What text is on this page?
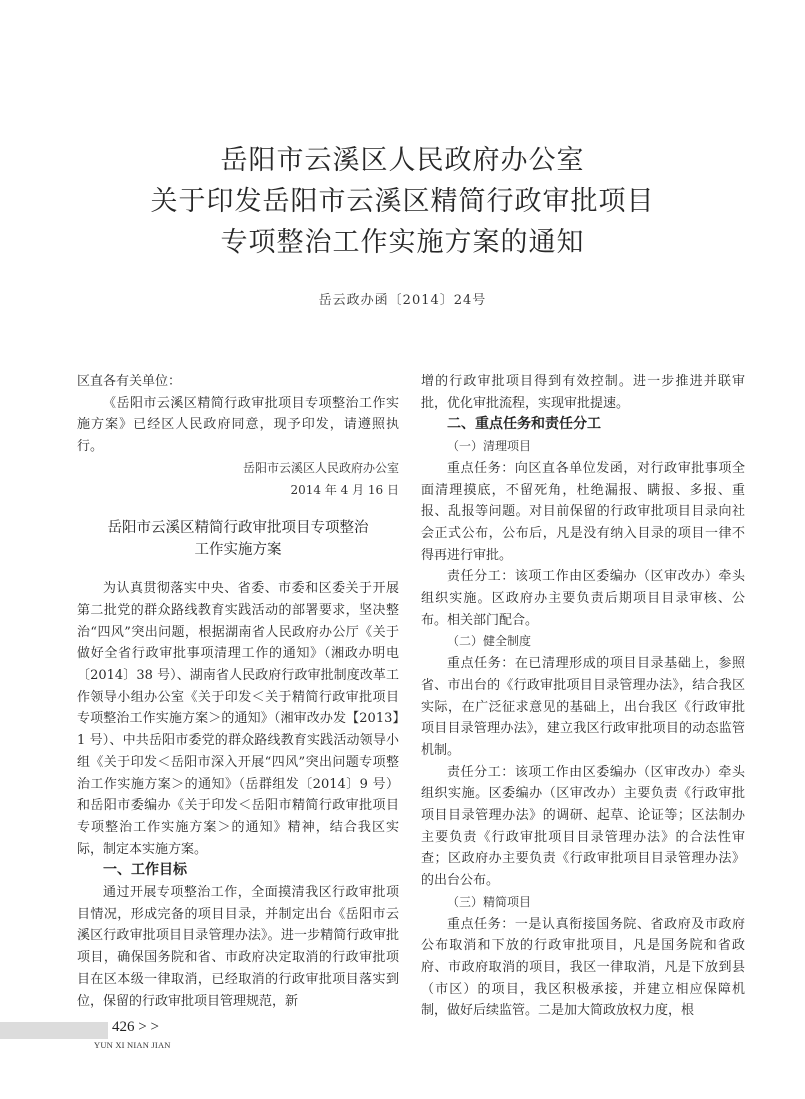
岳阳市云溪区人民政府办公室
关于印发岳阳市云溪区精简行政审批项目
专项整治工作实施方案的通知
岳云政办函〔2014〕24号

区直各有关单位：

《岳阳市云溪区精简行政审批项目专项整治工作实施方案》已经区人民政府同意，现予印发，请遵照执行。

岳阳市云溪区人民政府办公室

2014 年 4 月 16 日

岳阳市云溪区精简行政审批项目专项整治
工作实施方案

为认真贯彻落实中央、省委、市委和区委关于开展第二批党的群众路线教育实践活动的部署要求，坚决整治“四风”突出问题，根据湖南省人民政府办公厅《关于做好全省行政审批事项清理工作的通知》（湘政办明电〔2014〕38 号）、湖南省人民政府行政审批制度改革工作领导小组办公室《关于印发＜关于精简行政审批项目专项整治工作实施方案＞的通知》（湘审改办发【2013】1 号）、中共岳阳市委党的群众路线教育实践活动领导小组《关于印发＜岳阳市深入开展“四风”突出问题专项整治工作实施方案＞的通知》（岳群组发〔2014〕9 号）和岳阳市委编办《关于印发＜岳阳市精简行政审批项目专项整治工作实施方案＞的通知》精神，结合我区实际，制定本实施方案。

一、工作目标

通过开展专项整治工作，全面摸清我区行政审批项目情况，形成完备的项目目录，并制定出台《岳阳市云溪区行政审批项目目录管理办法》。进一步精简行政审批项目，确保国务院和省、市政府决定取消的行政审批项目在区本级一律取消，已经取消的行政审批项目落实到位，保留的行政审批项目管理规范，新

增的行政审批项目得到有效控制。进一步推进并联审批，优化审批流程，实现审批提速。

二、重点任务和责任分工

（一）清理项目

重点任务：向区直各单位发函，对行政审批事项全面清理摸底，不留死角，杜绝漏报、瞒报、多报、重报、乱报等问题。对目前保留的行政审批项目目录向社会正式公布，公布后，凡是没有纳入目录的项目一律不得再进行审批。

责任分工：该项工作由区委编办（区审改办）牵头组织实施。区政府办主要负责后期项目目录审核、公布。相关部门配合。

（二）健全制度

重点任务：在已清理形成的项目目录基础上，参照省、市出台的《行政审批项目目录管理办法》，结合我区实际，在广泛征求意见的基础上，出台我区《行政审批项目目录管理办法》，建立我区行政审批项目的动态监管机制。

责任分工：该项工作由区委编办（区审改办）牵头组织实施。区委编办（区审改办）主要负责《行政审批项目目录管理办法》的调研、起草、论证等；区法制办主要负责《行政审批项目目录管理办法》的合法性审查；区政府办主要负责《行政审批项目目录管理办法》的出台公布。

（三）精简项目

重点任务：一是认真衔接国务院、省政府及市政府公布取消和下放的行政审批项目，凡是国务院和省政府、市政府取消的项目，我区一律取消，凡是下放到县（市区）的项目，我区积极承接，并建立相应保障机制，做好后续监管。二是加大简政放权力度，根

426 > >
YUN XI NIAN JIAN
